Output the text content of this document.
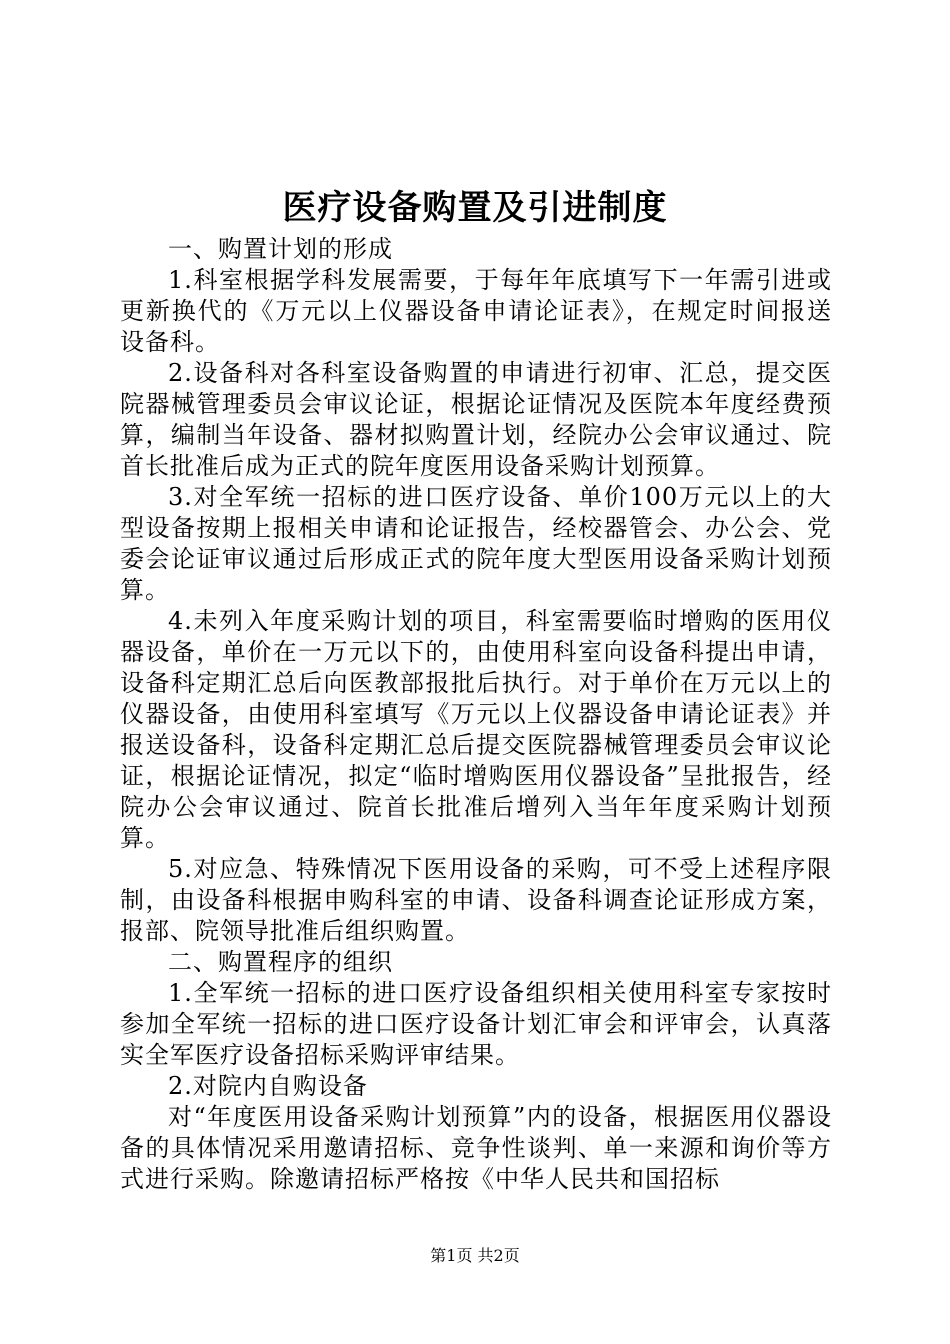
医疗设备购置及引进制度

一、购置计划的形成

1.科室根据学科发展需要，于每年年底填写下一年需引进或更新换代的《万元以上仪器设备申请论证表》，在规定时间报送设备科。

2.设备科对各科室设备购置的申请进行初审、汇总，提交医院器械管理委员会审议论证，根据论证情况及医院本年度经费预算，编制当年设备、器材拟购置计划，经院办公会审议通过、院首长批准后成为正式的院年度医用设备采购计划预算。

3.对全军统一招标的进口医疗设备、单价100万元以上的大型设备按期上报相关申请和论证报告，经校器管会、办公会、党委会论证审议通过后形成正式的院年度大型医用设备采购计划预算。

4.未列入年度采购计划的项目，科室需要临时增购的医用仪器设备，单价在一万元以下的，由使用科室向设备科提出申请，设备科定期汇总后向医教部报批后执行。对于单价在万元以上的仪器设备，由使用科室填写《万元以上仪器设备申请论证表》并报送设备科，设备科定期汇总后提交医院器械管理委员会审议论证，根据论证情况，拟定“临时增购医用仪器设备”呈批报告，经院办公会审议通过、院首长批准后增列入当年年度采购计划预算。

5.对应急、特殊情况下医用设备的采购，可不受上述程序限制，由设备科根据申购科室的申请、设备科调查论证形成方案，报部、院领导批准后组织购置。

二、购置程序的组织

1.全军统一招标的进口医疗设备组织相关使用科室专家按时参加全军统一招标的进口医疗设备计划汇审会和评审会，认真落实全军医疗设备招标采购评审结果。

2.对院内自购设备

对“年度医用设备采购计划预算”内的设备，根据医用仪器设备的具体情况采用邀请招标、竞争性谈判、单一来源和询价等方式进行采购。除邀请招标严格按《中华人民共和国招标

第1页 共2页
